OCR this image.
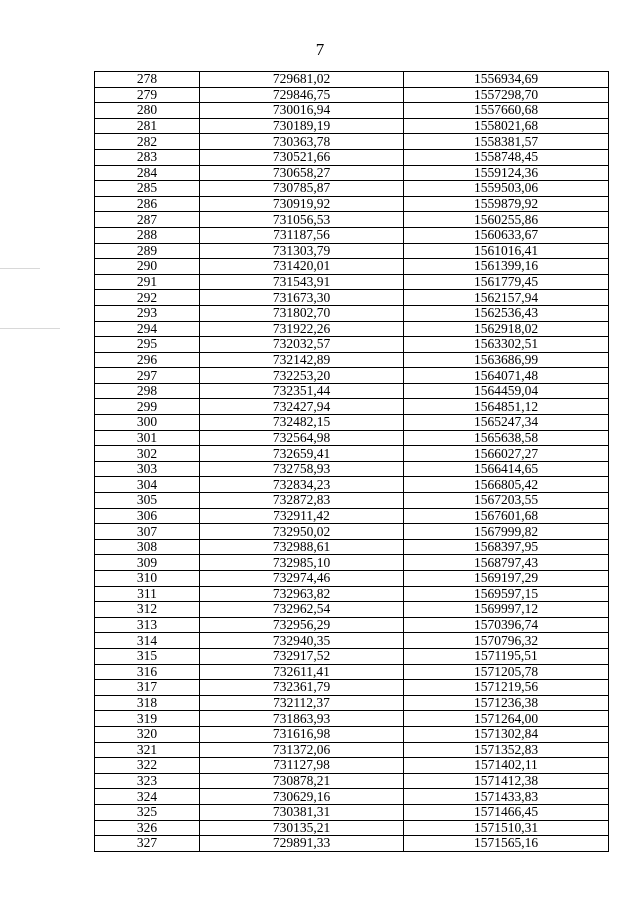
7
278	729681,02	1556934,69
279	729846,75	1557298,70
280	730016,94	1557660,68
281	730189,19	1558021,68
282	730363,78	1558381,57
283	730521,66	1558748,45
284	730658,27	1559124,36
285	730785,87	1559503,06
286	730919,92	1559879,92
287	731056,53	1560255,86
288	731187,56	1560633,67
289	731303,79	1561016,41
290	731420,01	1561399,16
291	731543,91	1561779,45
292	731673,30	1562157,94
293	731802,70	1562536,43
294	731922,26	1562918,02
295	732032,57	1563302,51
296	732142,89	1563686,99
297	732253,20	1564071,48
298	732351,44	1564459,04
299	732427,94	1564851,12
300	732482,15	1565247,34
301	732564,98	1565638,58
302	732659,41	1566027,27
303	732758,93	1566414,65
304	732834,23	1566805,42
305	732872,83	1567203,55
306	732911,42	1567601,68
307	732950,02	1567999,82
308	732988,61	1568397,95
309	732985,10	1568797,43
310	732974,46	1569197,29
311	732963,82	1569597,15
312	732962,54	1569997,12
313	732956,29	1570396,74
314	732940,35	1570796,32
315	732917,52	1571195,51
316	732611,41	1571205,78
317	732361,79	1571219,56
318	732112,37	1571236,38
319	731863,93	1571264,00
320	731616,98	1571302,84
321	731372,06	1571352,83
322	731127,98	1571402,11
323	730878,21	1571412,38
324	730629,16	1571433,83
325	730381,31	1571466,45
326	730135,21	1571510,31
327	729891,33	1571565,16
